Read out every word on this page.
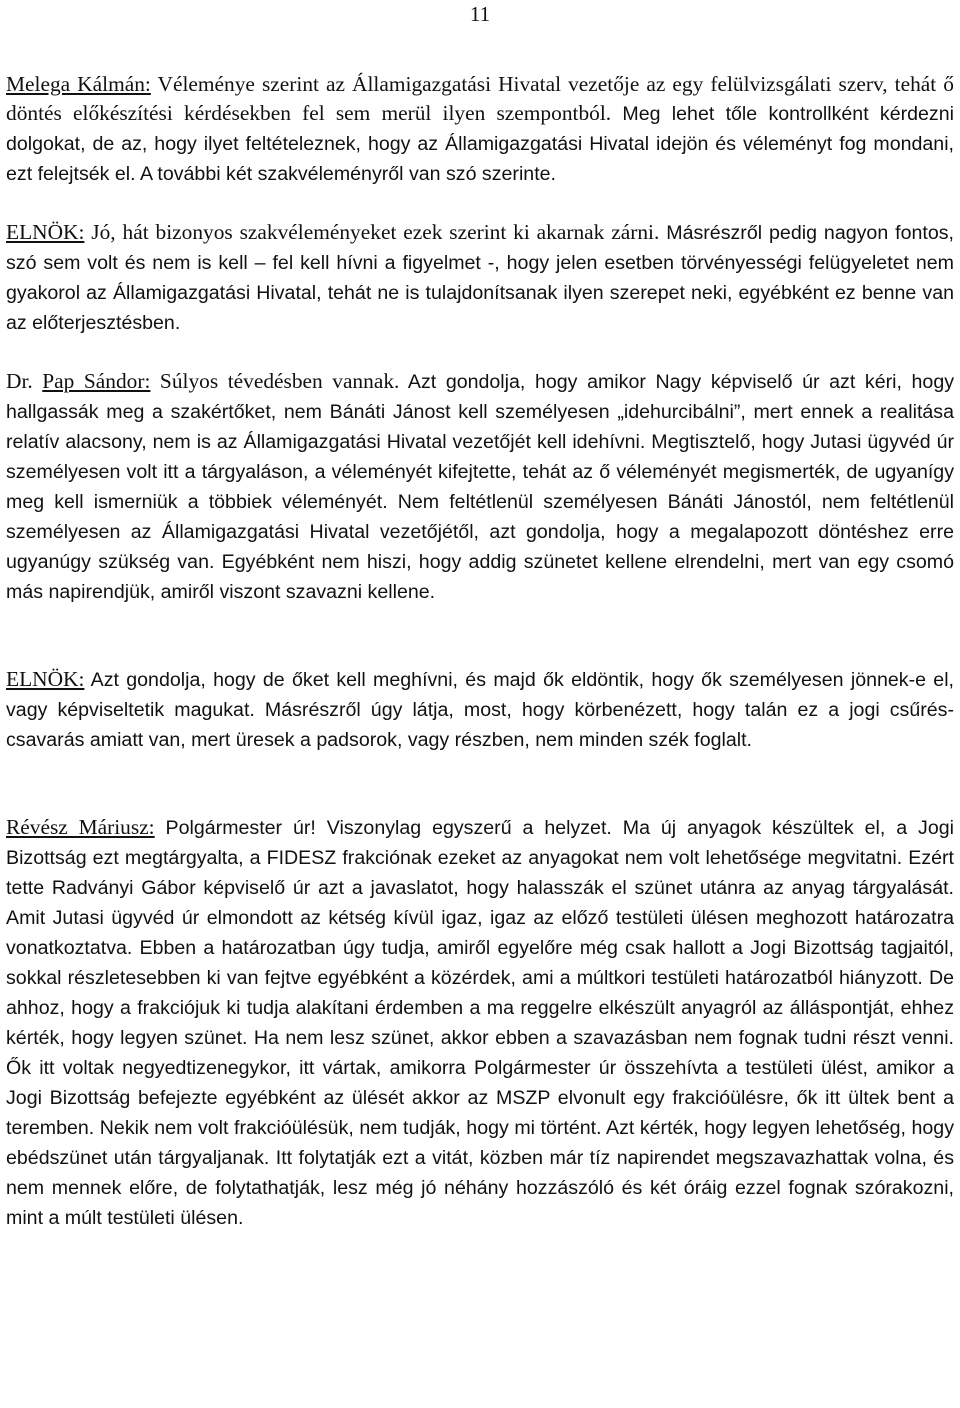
11

Melega Kálmán: Véleménye szerint az Államigazgatási Hivatal vezetője az egy felülvizsgálati szerv, tehát ő döntés előkészítési kérdésekben fel sem merül ilyen szempontból. Meg lehet tőle kontrollként kérdezni dolgokat, de az, hogy ilyet feltételeznek, hogy az Államigazgatási Hivatal idejön és véleményt fog mondani, ezt felejtsék el. A további két szakvéleményről van szó szerinte.

ELNÖK: Jó, hát bizonyos szakvéleményeket ezek szerint ki akarnak zárni. Másrészről pedig nagyon fontos, szó sem volt és nem is kell – fel kell hívni a figyelmet -, hogy jelen esetben törvényességi felügyeletet nem gyakorol az Államigazgatási Hivatal, tehát ne is tulajdonítsanak ilyen szerepet neki, egyébként ez benne van az előterjesztésben.

Dr. Pap Sándor: Súlyos tévedésben vannak. Azt gondolja, hogy amikor Nagy képviselő úr azt kéri, hogy hallgassák meg a szakértőket, nem Bánáti Jánost kell személyesen „idehurcibálni”, mert ennek a realitása relatív alacsony, nem is az Államigazgatási Hivatal vezetőjét kell idehívni. Megtisztelő, hogy Jutasi ügyvéd úr személyesen volt itt a tárgyaláson, a véleményét kifejtette, tehát az ő véleményét megismerték, de ugyanígy meg kell ismerniük a többiek véleményét. Nem feltétlenül személyesen Bánáti Jánostól, nem feltétlenül személyesen az Államigazgatási Hivatal vezetőjétől, azt gondolja, hogy a megalapozott döntéshez erre ugyanúgy szükség van. Egyébként nem hiszi, hogy addig szünetet kellene elrendelni, mert van egy csomó más napirendjük, amiről viszont szavazni kellene.

ELNÖK: Azt gondolja, hogy de őket kell meghívni, és majd ők eldöntik, hogy ők személyesen jönnek-e el, vagy képviseltetik magukat. Másrészről úgy látja, most, hogy körbenézett, hogy talán ez a jogi csűrés-csavarás amiatt van, mert üresek a padsorok, vagy részben, nem minden szék foglalt.

Révész Máriusz: Polgármester úr! Viszonylag egyszerű a helyzet. Ma új anyagok készültek el, a Jogi Bizottság ezt megtárgyalta, a FIDESZ frakciónak ezeket az anyagokat nem volt lehetősége megvitatni. Ezért tette Radványi Gábor képviselő úr azt a javaslatot, hogy halasszák el szünet utánra az anyag tárgyalását. Amit Jutasi ügyvéd úr elmondott az kétség kívül igaz, igaz az előző testületi ülésen meghozott határozatra vonatkoztatva. Ebben a határozatban úgy tudja, amiről egyelőre még csak hallott a Jogi Bizottság tagjaitól, sokkal részletesebben ki van fejtve egyébként a közérdek, ami a múltkori testületi határozatból hiányzott. De ahhoz, hogy a frakciójuk ki tudja alakítani érdemben a ma reggelre elkészült anyagról az álláspontját, ehhez kérték, hogy legyen szünet. Ha nem lesz szünet, akkor ebben a szavazásban nem fognak tudni részt venni. Ők itt voltak negyedtizenegykor, itt vártak, amikorra Polgármester úr összehívta a testületi ülést, amikor a Jogi Bizottság befejezte egyébként az ülését akkor az MSZP elvonult egy frakcióülésre, ők itt ültek bent a teremben. Nekik nem volt frakcióülésük, nem tudják, hogy mi történt. Azt kérték, hogy legyen lehetőség, hogy ebédszünet után tárgyaljanak. Itt folytatják ezt a vitát, közben már tíz napirendet megszavazhattak volna, és nem mennek előre, de folytathatják, lesz még jó néhány hozzászóló és két óráig ezzel fognak szórakozni, mint a múlt testületi ülésen.
